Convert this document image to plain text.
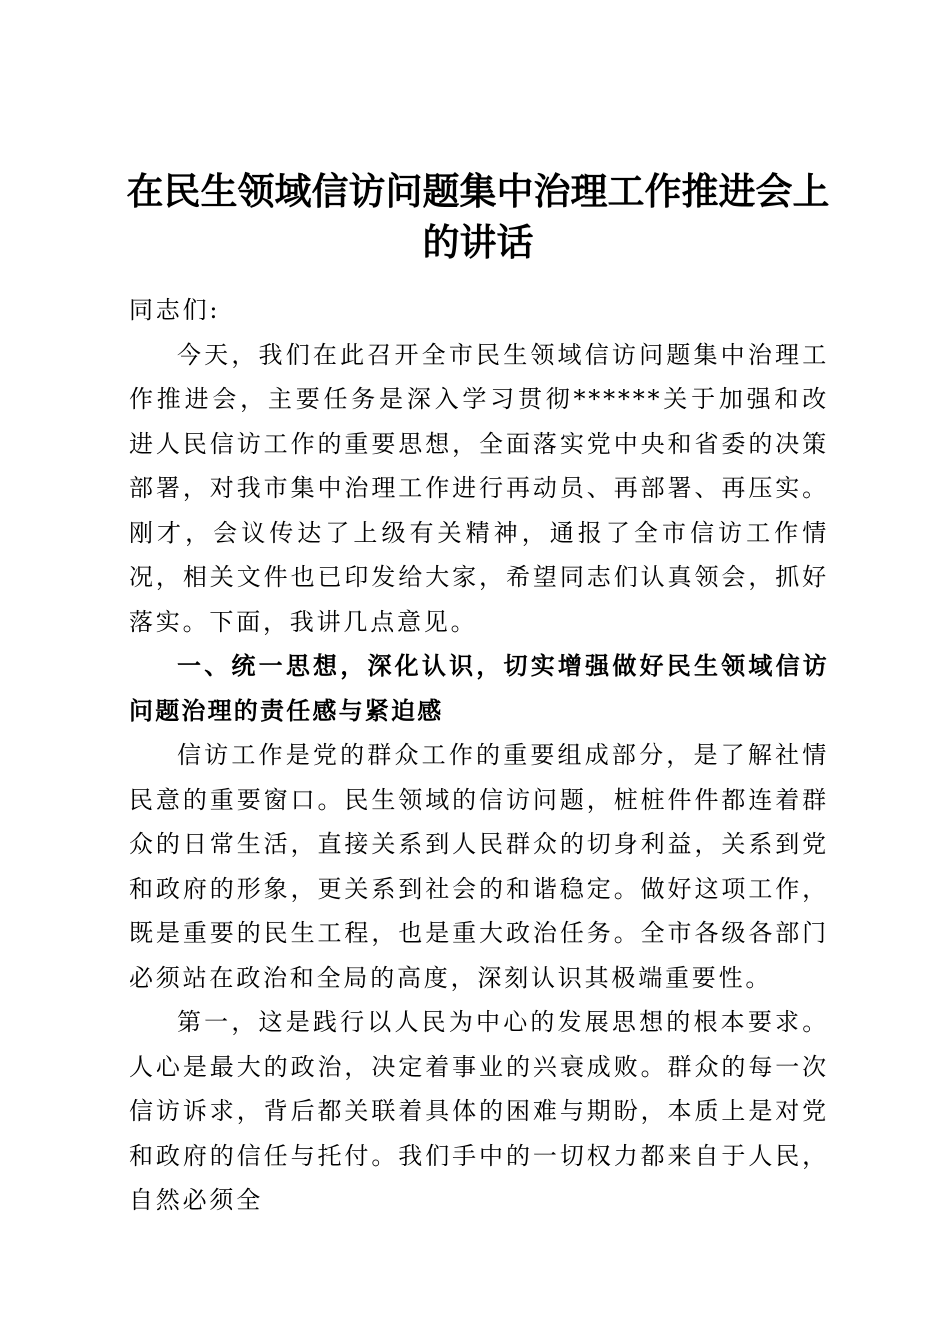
在民生领域信访问题集中治理工作推进会上的讲话

同志们:

今天，我们在此召开全市民生领域信访问题集中治理工作推进会，主要任务是深入学习贯彻******关于加强和改进人民信访工作的重要思想，全面落实党中央和省委的决策部署，对我市集中治理工作进行再动员、再部署、再压实。刚才，会议传达了上级有关精神，通报了全市信访工作情况，相关文件也已印发给大家，希望同志们认真领会，抓好落实。下面，我讲几点意见。

一、统一思想，深化认识，切实增强做好民生领域信访问题治理的责任感与紧迫感

信访工作是党的群众工作的重要组成部分，是了解社情民意的重要窗口。民生领域的信访问题，桩桩件件都连着群众的日常生活，直接关系到人民群众的切身利益，关系到党和政府的形象，更关系到社会的和谐稳定。做好这项工作，既是重要的民生工程，也是重大政治任务。全市各级各部门必须站在政治和全局的高度，深刻认识其极端重要性。

第一，这是践行以人民为中心的发展思想的根本要求。人心是最大的政治，决定着事业的兴衰成败。群众的每一次信访诉求，背后都关联着具体的困难与期盼，本质上是对党和政府的信任与托付。我们手中的一切权力都来自于人民，自然必须全
